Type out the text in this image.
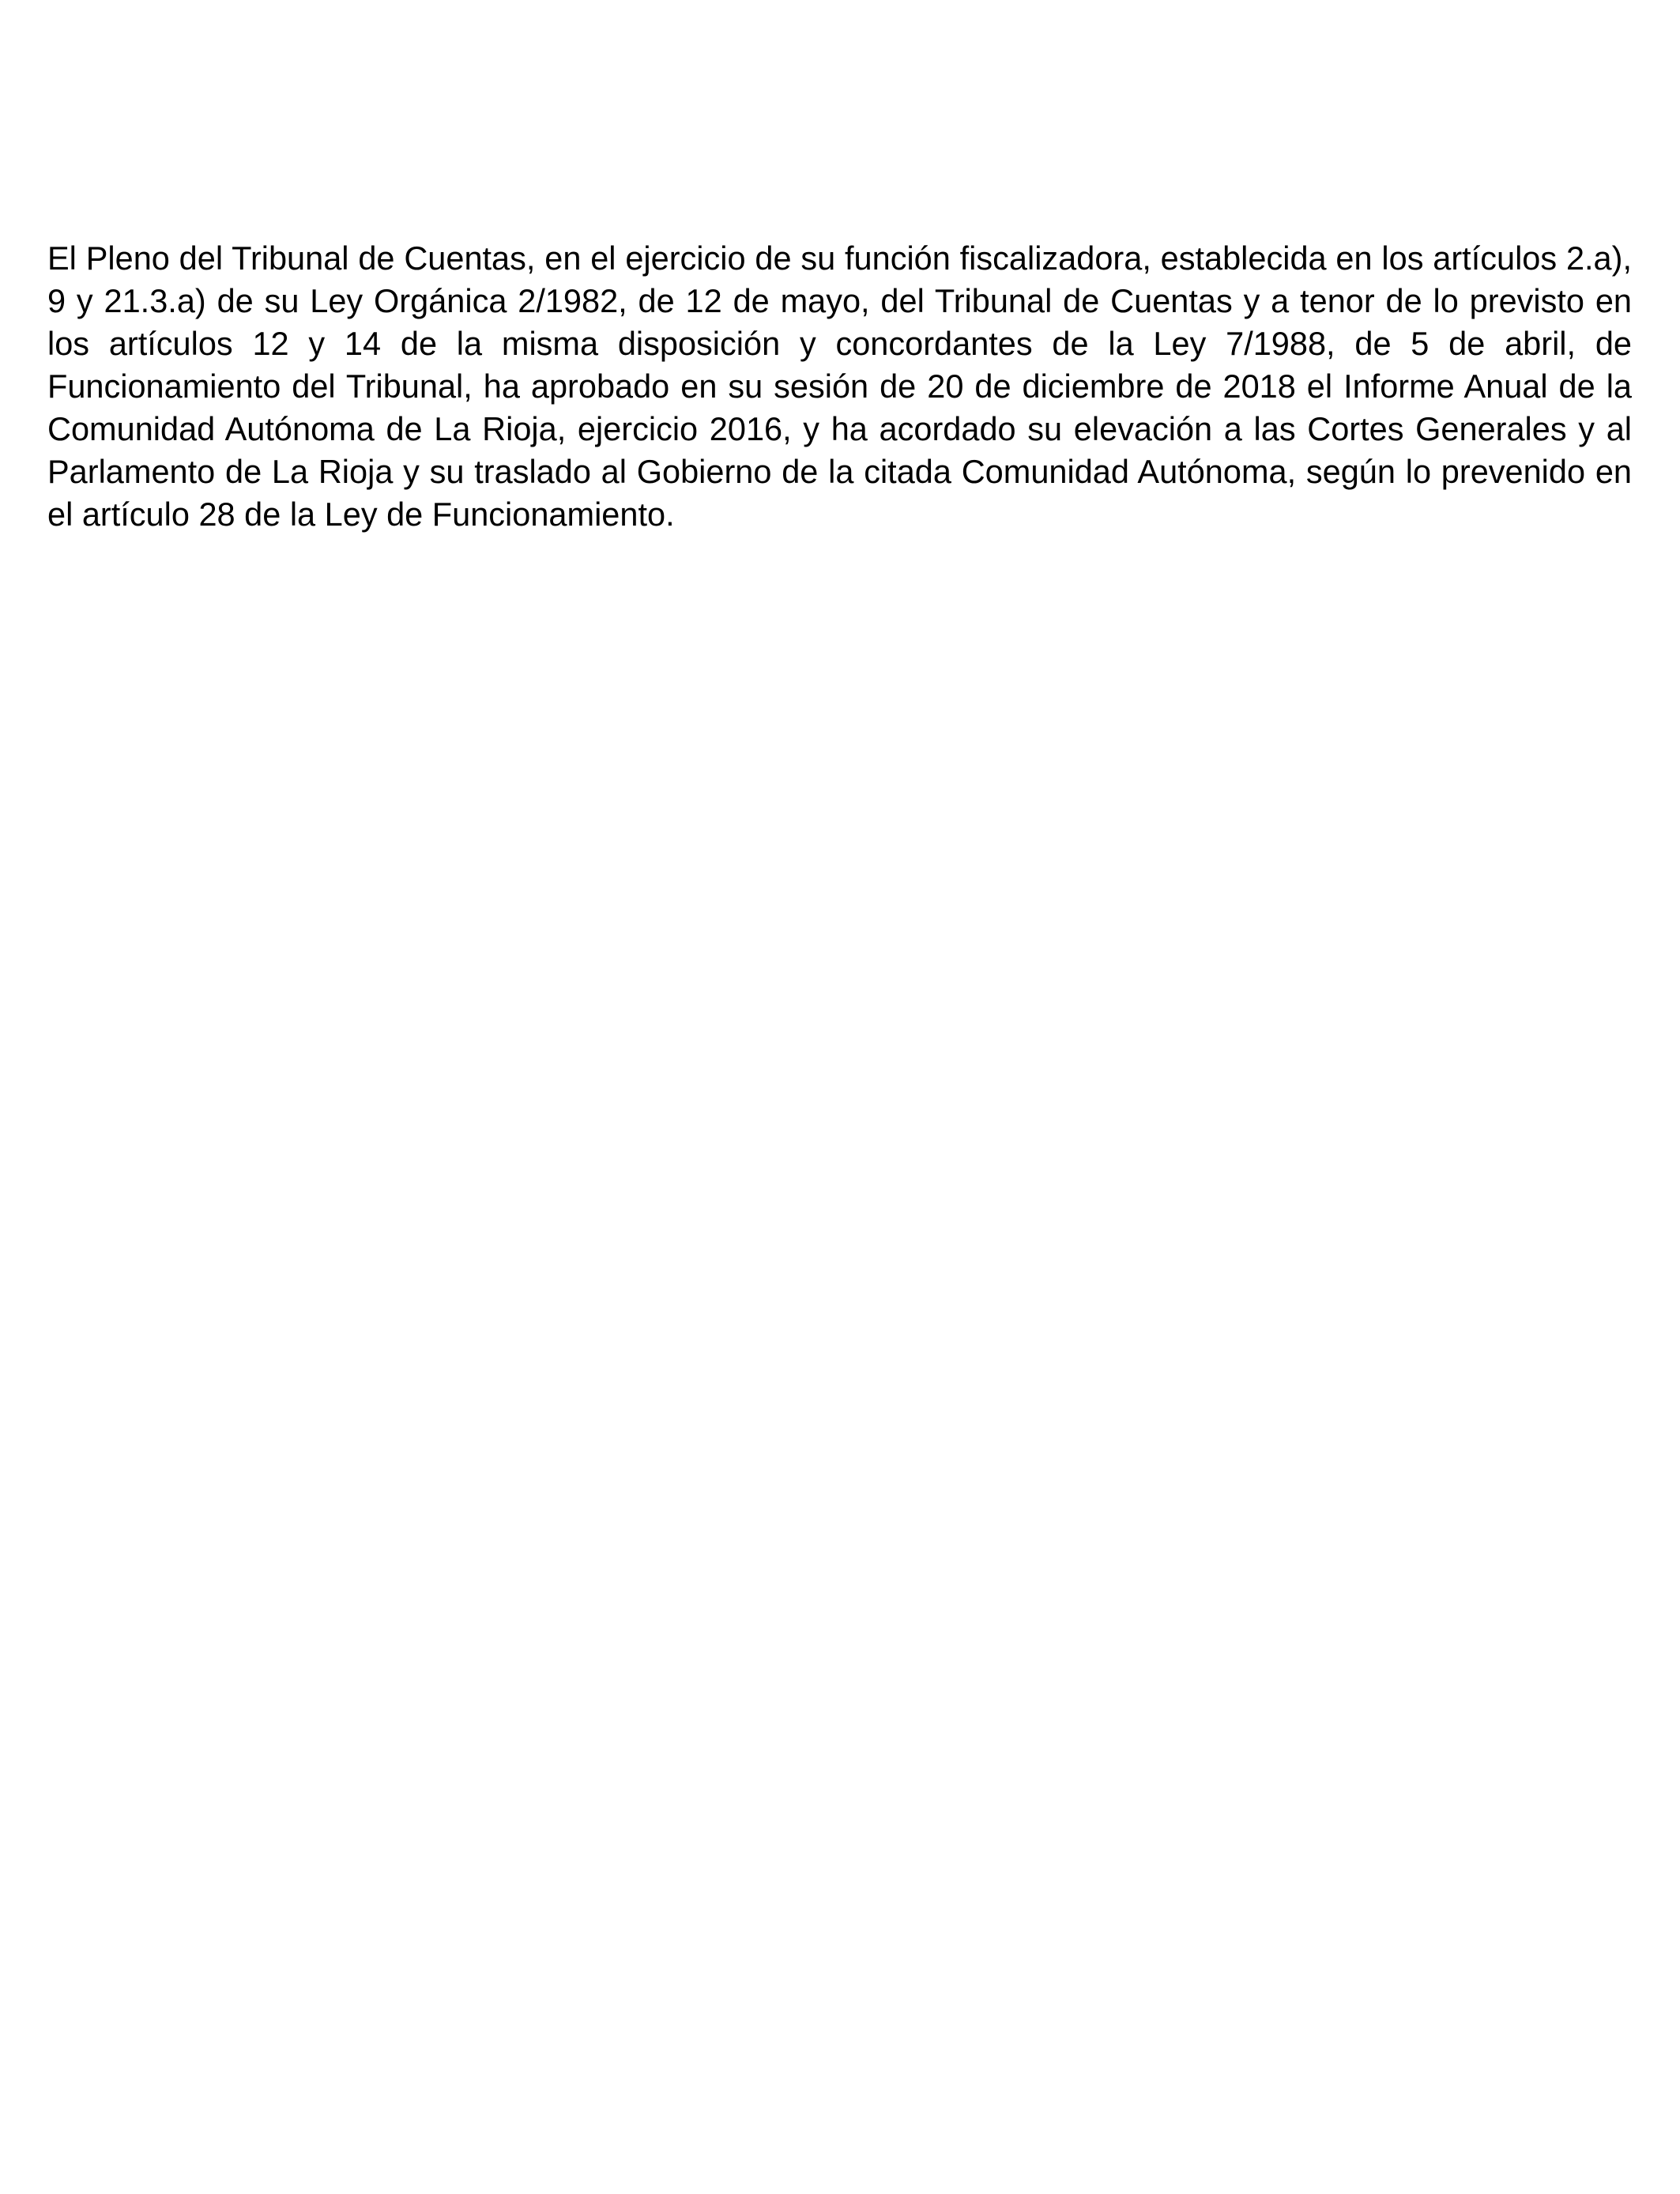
El Pleno del Tribunal de Cuentas, en el ejercicio de su función fiscalizadora, establecida en los artículos 2.a), 9 y 21.3.a) de su Ley Orgánica 2/1982, de 12 de mayo, del Tribunal de Cuentas y a tenor de lo previsto en los artículos 12 y 14 de la misma disposición y concordantes de la Ley 7/1988, de 5 de abril, de Funcionamiento del Tribunal, ha aprobado en su sesión de 20 de diciembre de 2018 el Informe Anual de la Comunidad Autónoma de La Rioja, ejercicio 2016, y ha acordado su elevación a las Cortes Generales y al Parlamento de La Rioja y su traslado al Gobierno de la citada Comunidad Autónoma, según lo prevenido en el artículo 28 de la Ley de Funcionamiento.
